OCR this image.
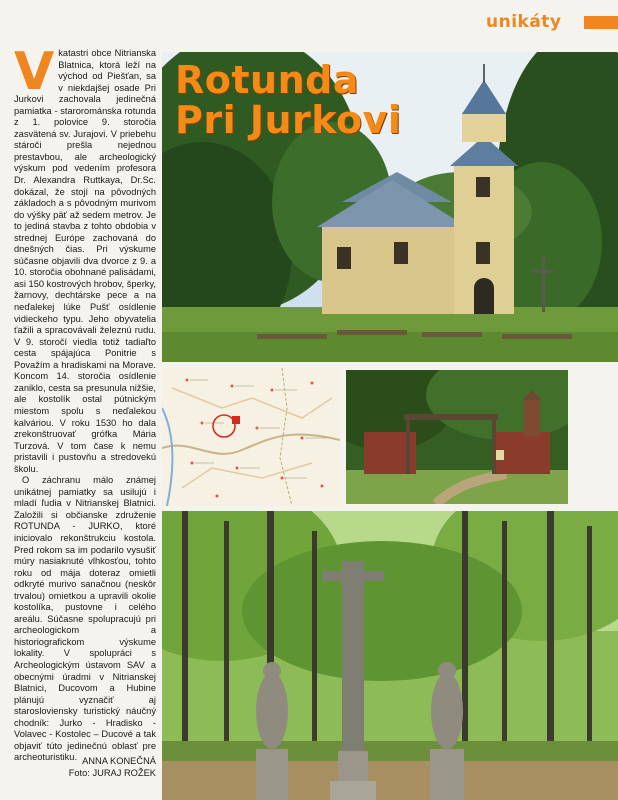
unikáty
V katastri obce Nitrianska Blatnica, ktorá leží na východ od Piešťan, sa v niekdajšej osade Pri Jurkovi zachovala jedinečná pamiatka - starorománska rotunda z 1. polovice 9. storočia zasvätená sv. Jurajovi. V priebehu stároči prešla nejednou prestavbou, ale archeologický výskum pod vedením profesora Dr. Alexandra Ruttkaya, Dr.Sc. dokázal, že stojí na pôvodných základoch a s pôvodným murivom do výšky päť až sedem metrov. Je to jediná stavba z tohto obdobia v strednej Európe zachovaná do dnešných čias. Pri výskume súčasne objavili dva dvorce z 9. a 10. storočia obohnané palisádami, asi 150 kostrových hrobov, šperky, žarnovy, dechtárske pece a na neďalekej lúke Pušť osídlenie vidieckeho typu. Jeho obyvatelia ťažili a spracovávali železnú rudu. V 9. storočí viedla totiž tadiaľto cesta spájajúca Ponitrie s Považím a hradiskami na Morave. Koncom 14. storočia osídlenie zaniklo, cesta sa presunula nižšie, ale kostolík ostal pútnickým miestom spolu s neďalekou kalváriou. V roku 1530 ho dala zrekonštruovať grófka Mária Turzová. V tom čase k nemu pristavili i pustovňu a stredovekú školu.

O záchranu málo známej unikátnej pamiatky sa usilujú i mladí ľudia v Nitrianskej Blatnici. Založili si občianske združenie ROTUNDA - JURKO, ktoré iniciovalo rekonštrukciu kostola. Pred rokom sa im podarilo vysušiť múry nasiaknuté vlhkosťou, tohto roku od mája doteraz omietli odkryté murivo sanačnou (neskôr trvalou) omietkou a upravili okolie kostolíka, pustovne i celého areálu. Súčasne spolupracujú pri archeologickom a historiografickom výskume lokality. V spolupráci s Archeologickým ústavom SAV a obecnými úradmi v Nitrianskej Blatnici, Ducovom a Hubine plánujú vyznačiť aj starosloviensky turistický náučný chodník: Jurko - Hradisko - Volavec - Kostolec – Ducové a tak objaviť túto jedinečnú oblasť pre archeoturistiku. ANNA KONEČNÁ
Foto: JURAJ ROŽEK
Rotunda
Pri Jurkovi
